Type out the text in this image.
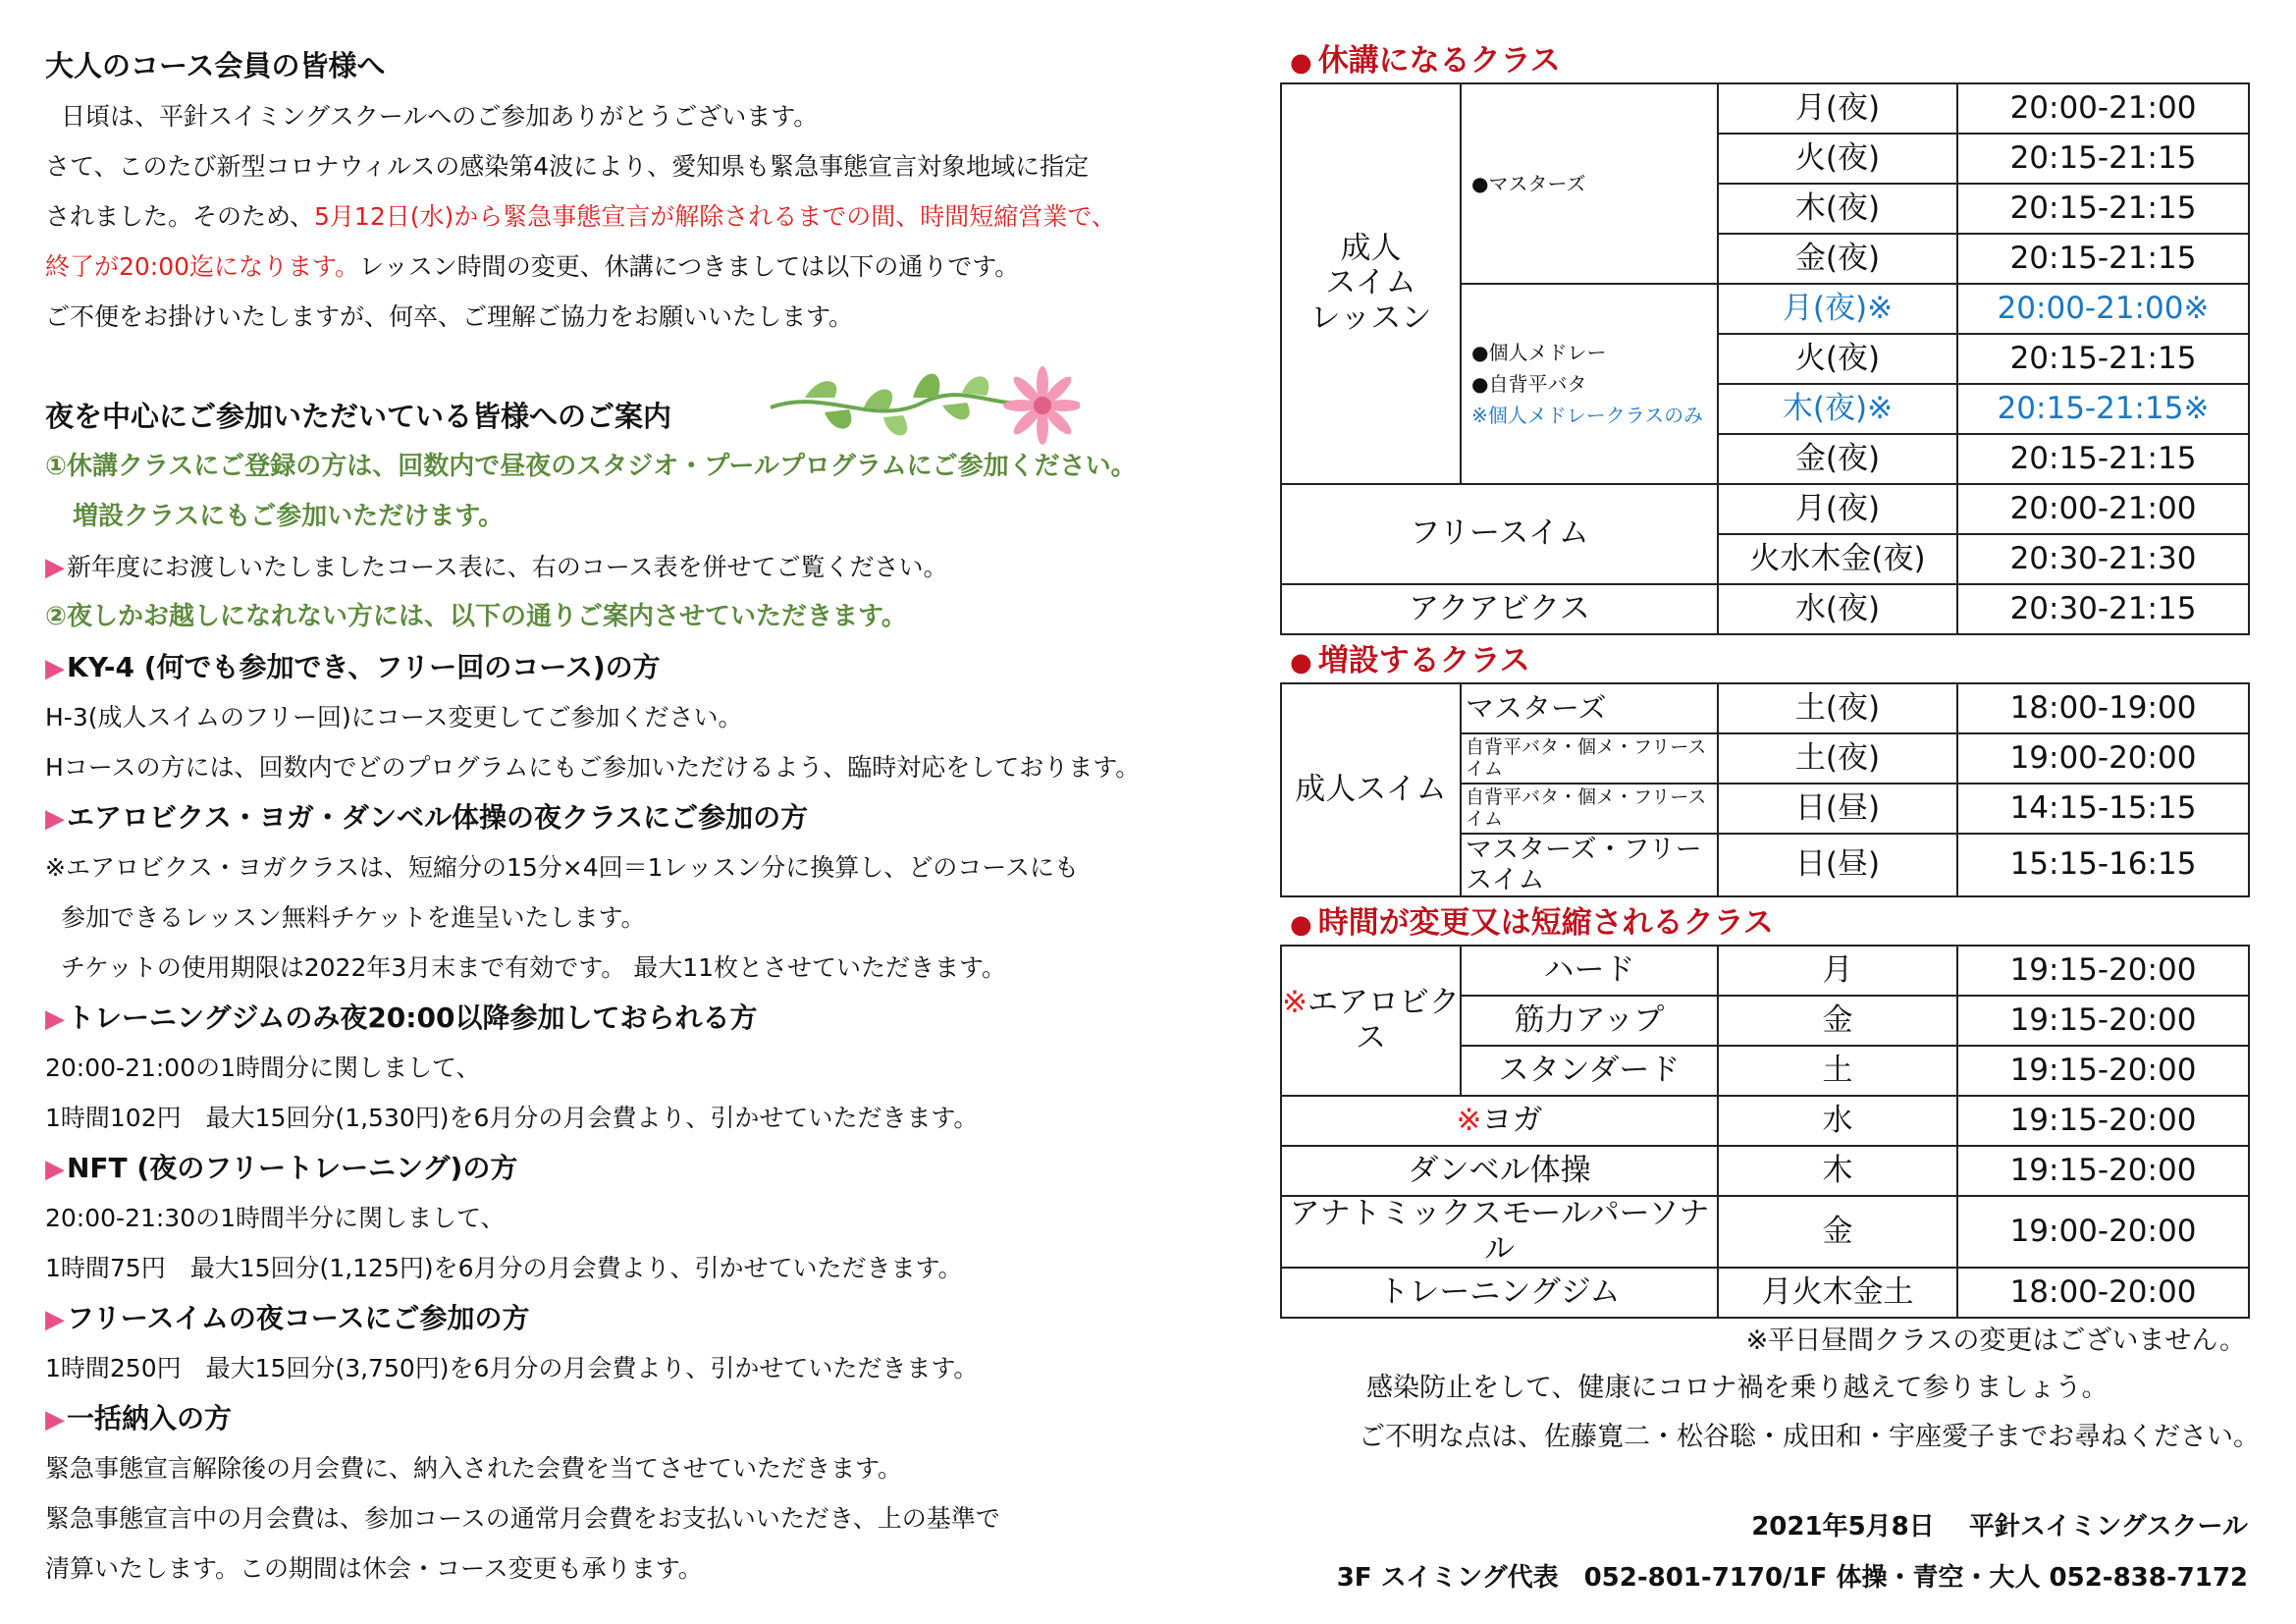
大人のコース会員の皆様へ
日頃は、平針スイミングスクールへのご参加ありがとうございます。
さて、このたび新型コロナウィルスの感染第4波により、愛知県も緊急事態宣言対象地域に指定
されました。そのため、5月12日(水)から緊急事態宣言が解除されるまでの間、時間短縮営業で、
終了が20:00迄になります。レッスン時間の変更、休講につきましては以下の通りです。
ご不便をお掛けいたしますが、何卒、ご理解ご協力をお願いいたします。
夜を中心にご参加いただいている皆様へのご案内
①休講クラスにご登録の方は、回数内で昼夜のスタジオ・プールプログラムにご参加ください。
増設クラスにもご参加いただけます。
▶新年度にお渡しいたしましたコース表に、右のコース表を併せてご覧ください。
②夜しかお越しになれない方には、以下の通りご案内させていただきます。
▶KY-4 (何でも参加でき、フリー回のコース)の方
H-3(成人スイムのフリー回)にコース変更してご参加ください。
Hコースの方には、回数内でどのプログラムにもご参加いただけるよう、臨時対応をしております。
▶エアロビクス・ヨガ・ダンベル体操の夜クラスにご参加の方
※エアロビクス・ヨガクラスは、短縮分の15分×4回＝1レッスン分に換算し、どのコースにも
参加できるレッスン無料チケットを進呈いたします。
チケットの使用期限は2022年3月末まで有効です。 最大11枚とさせていただきます。
▶トレーニングジムのみ夜20:00以降参加しておられる方
20:00-21:00の1時間分に関しまして、
1時間102円　最大15回分(1,530円)を6月分の月会費より、引かせていただきます。
▶NFT (夜のフリートレーニング)の方
20:00-21:30の1時間半分に関しまして、
1時間75円　最大15回分(1,125円)を6月分の月会費より、引かせていただきます。
▶フリースイムの夜コースにご参加の方
1時間250円　最大15回分(3,750円)を6月分の月会費より、引かせていただきます。
▶一括納入の方
緊急事態宣言解除後の月会費に、納入された会費を当てさせていただきます。
緊急事態宣言中の月会費は、参加コースの通常月会費をお支払いいただき、上の基準で
清算いたします。この期間は休会・コース変更も承ります。
● 休講になるクラス
成人
スイム
レッスン	●マスターズ	月(夜)	20:00-21:00
		火(夜)	20:15-21:15
		木(夜)	20:15-21:15
		金(夜)	20:15-21:15

	●個人メドレー
●自背平バタ
※個人メドレークラスのみ	月(夜)※	20:00-21:00※
		火(夜)	20:15-21:15
		木(夜)※	20:15-21:15※
		金(夜)	20:15-21:15
フリースイム		月(夜)	20:00-21:00
		火水木金(夜)	20:30-21:30
アクアビクス		水(夜)	20:30-21:15
● 増設するクラス
成人スイム	マスターズ	土(夜)	18:00-19:00
	自背平バタ・個メ・フリースイム	土(夜)	19:00-20:00
	自背平バタ・個メ・フリースイム	日(昼)	14:15-15:15
	マスターズ・フリースイム	日(昼)	15:15-16:15
● 時間が変更又は短縮されるクラス
※エアロビクス	ハード	月	19:15-20:00
	筋力アップ	金	19:15-20:00
	スタンダード	土	19:15-20:00
※ヨガ		水	19:15-20:00
ダンベル体操		木	19:15-20:00
アナトミックスモールパーソナル		金	19:00-20:00
トレーニングジム		月火木金土	18:00-20:00
※平日昼間クラスの変更はございません。
感染防止をして、健康にコロナ禍を乗り越えて参りましょう。
ご不明な点は、佐藤寛二・松谷聡・成田和・宇座愛子までお尋ねください。
2021年5月8日　 平針スイミングスクール
3F スイミング代表　052-801-7170/1F 体操・青空・大人 052-838-7172
